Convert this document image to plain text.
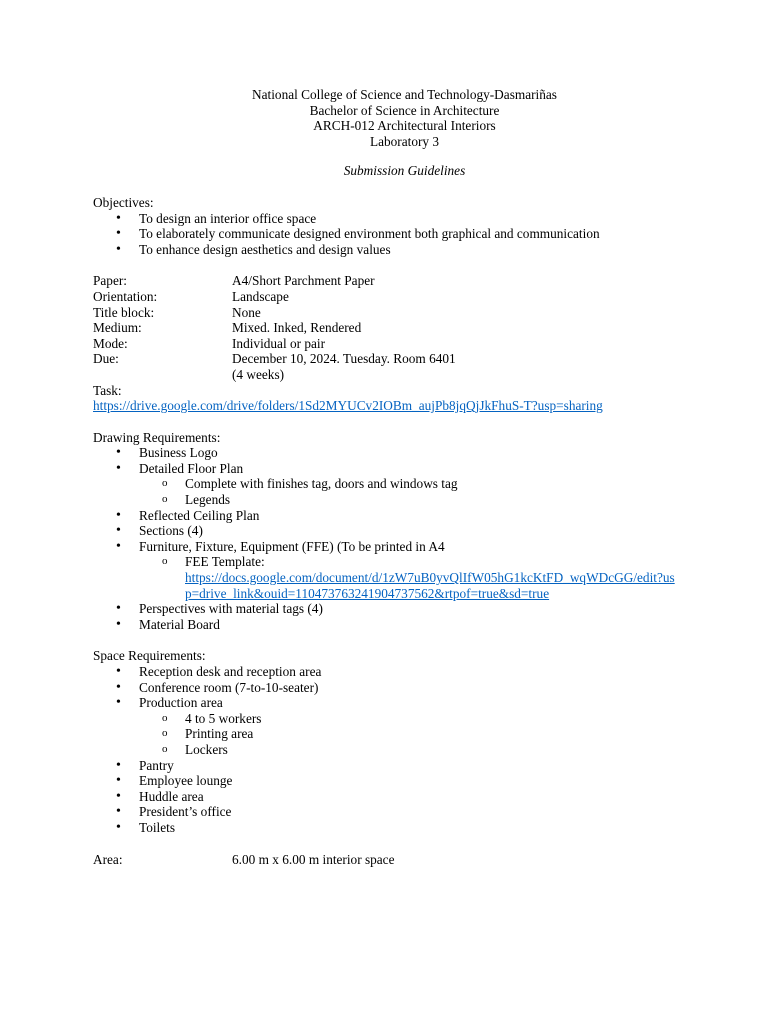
National College of Science and Technology-Dasmariñas
Bachelor of Science in Architecture
ARCH-012 Architectural Interiors
Laboratory 3
Submission Guidelines
Objectives:
• To design an interior office space
• To elaborately communicate designed environment both graphical and communication
• To enhance design aesthetics and design values
Paper:	A4/Short Parchment Paper
Orientation:	Landscape
Title block:	None
Medium:	Mixed. Inked, Rendered
Mode:	Individual or pair
Due:	December 10, 2024. Tuesday. Room 6401
(4 weeks)
Task:
https://drive.google.com/drive/folders/1Sd2MYUCv2IOBm_aujPb8jqQjJkFhuS-T?usp=sharing
Drawing Requirements:
• Business Logo
• Detailed Floor Plan
o Complete with finishes tag, doors and windows tag
o Legends
• Reflected Ceiling Plan
• Sections (4)
• Furniture, Fixture, Equipment (FFE) (To be printed in A4
o FEE Template:
https://docs.google.com/document/d/1zW7uB0yvQlIfW05hG1kcKtFD_wqWDcGG/edit?usp=drive_link&ouid=110473763241904737562&rtpof=true&sd=true
• Perspectives with material tags (4)
• Material Board
Space Requirements:
• Reception desk and reception area
• Conference room (7-to-10-seater)
• Production area
o 4 to 5 workers
o Printing area
o Lockers
• Pantry
• Employee lounge
• Huddle area
• President’s office
• Toilets
Area:	6.00 m x 6.00 m interior space
